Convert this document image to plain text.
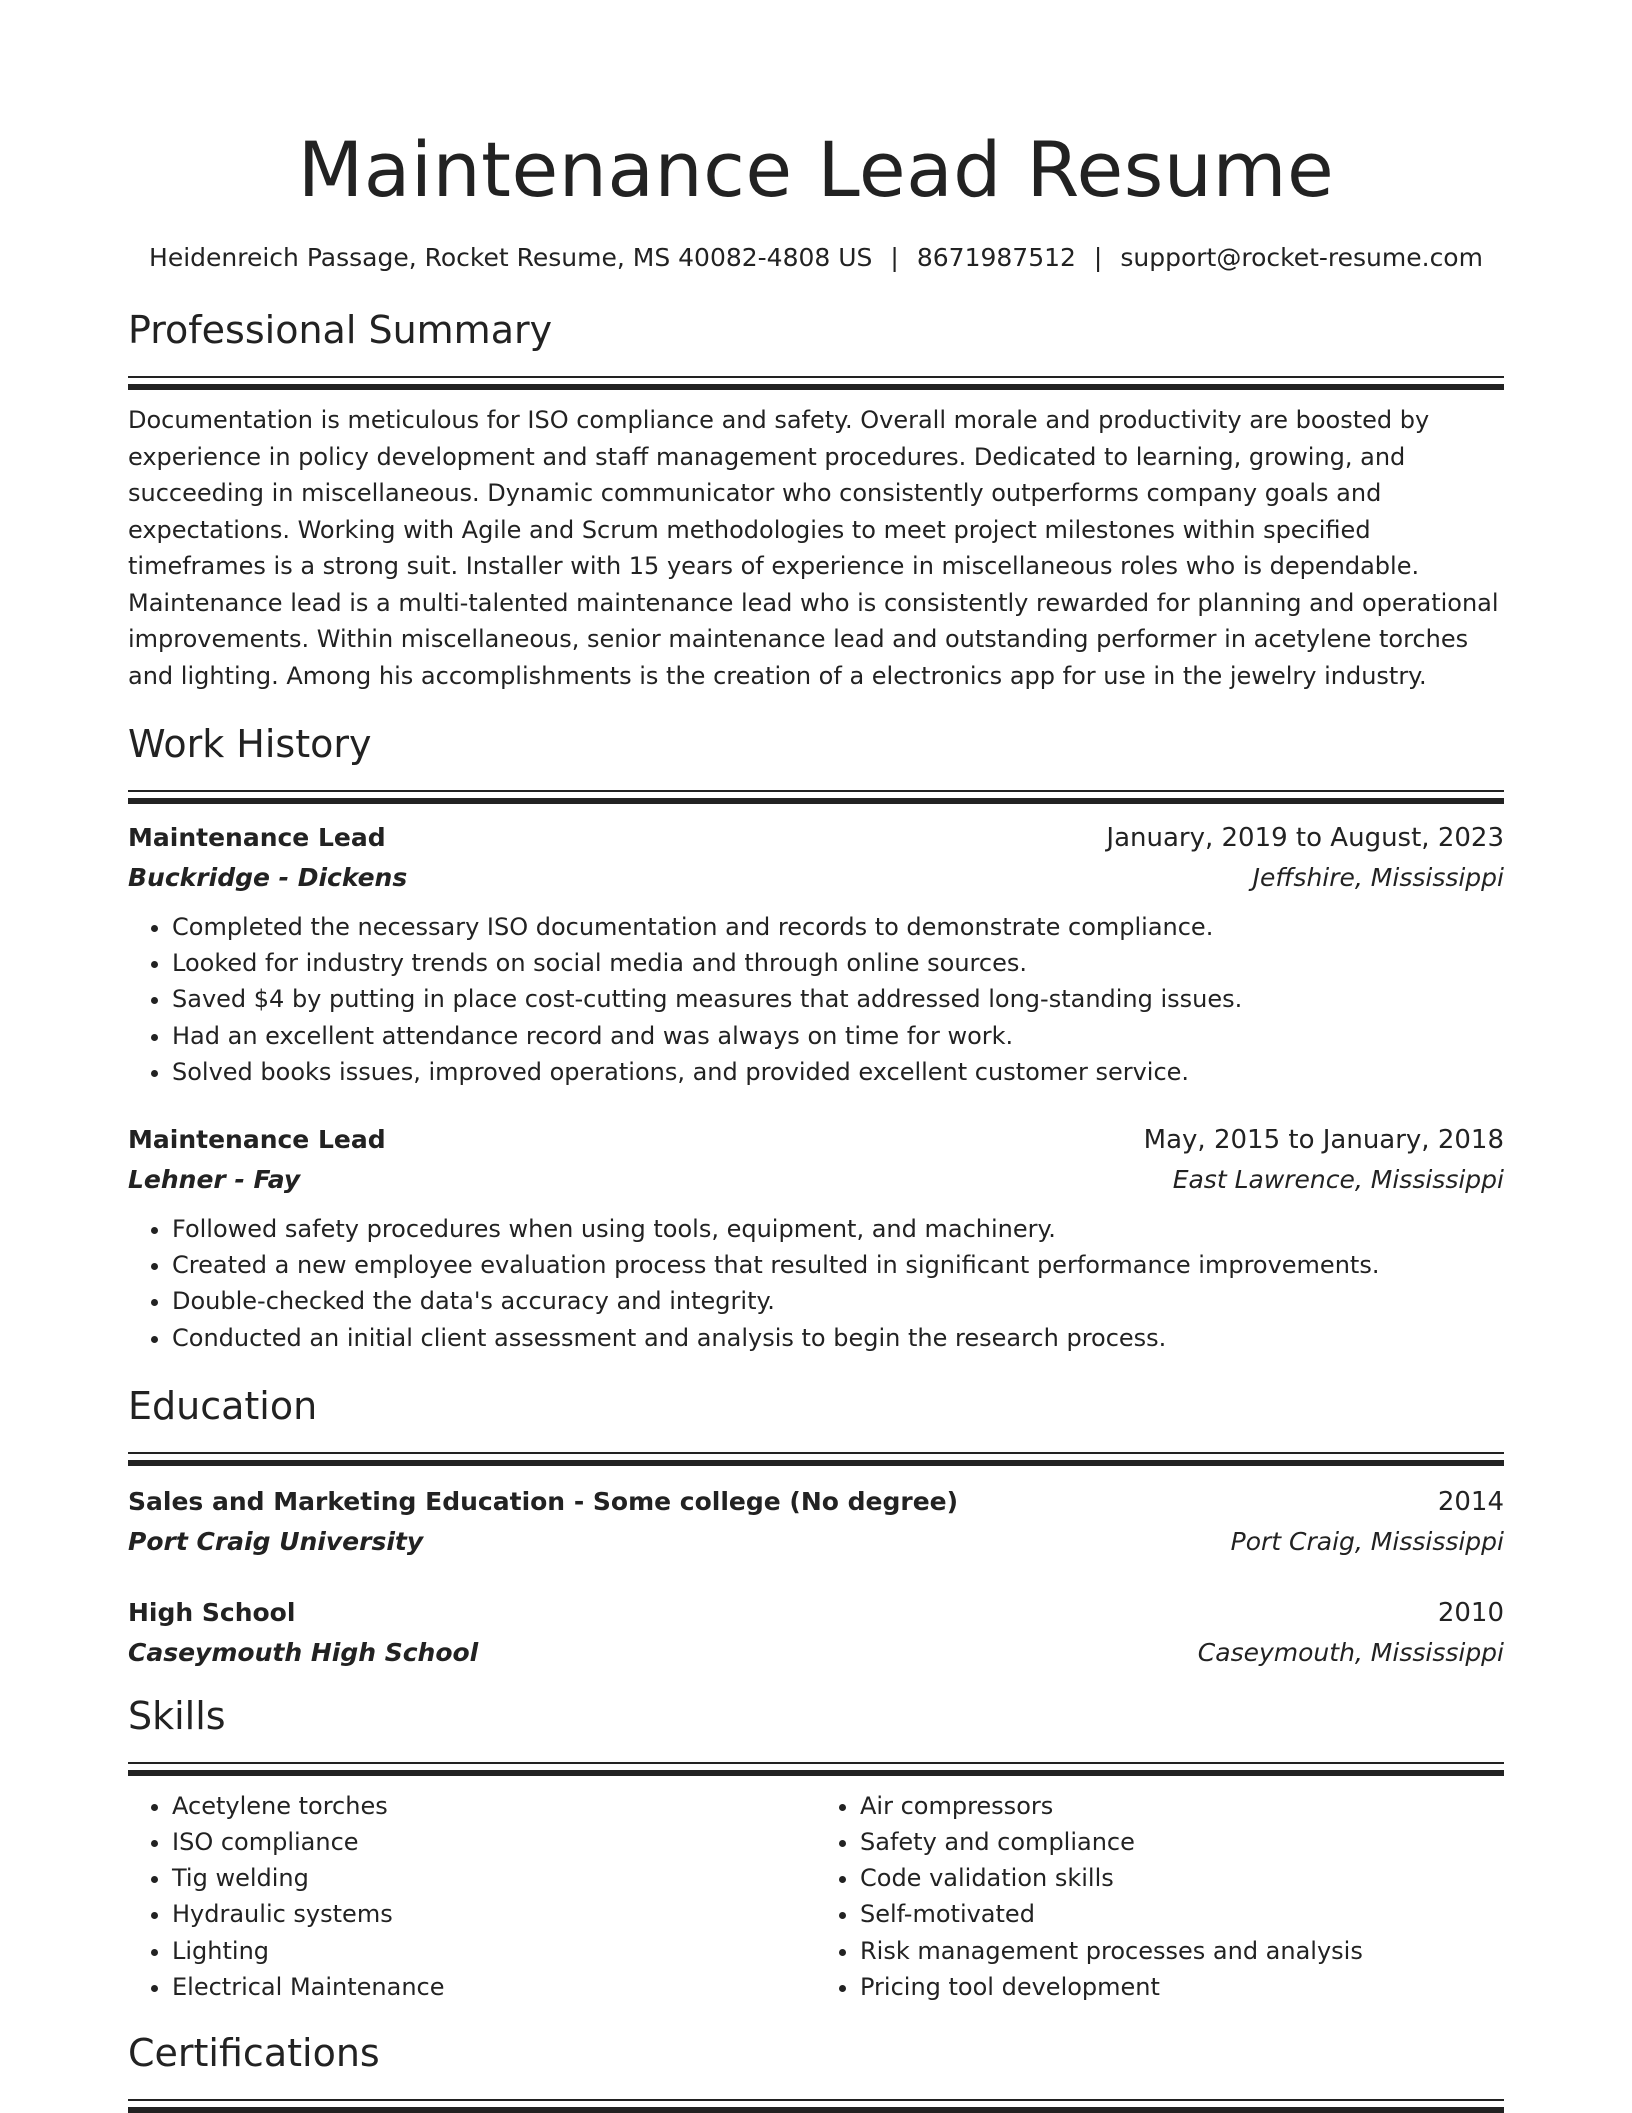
Maintenance Lead Resume
Heidenreich Passage, Rocket Resume, MS 40082-4808 US | 8671987512 | support@rocket-resume.com
Professional Summary

Documentation is meticulous for ISO compliance and safety. Overall morale and productivity are boosted by experience in policy development and staff management procedures. Dedicated to learning, growing, and succeeding in miscellaneous. Dynamic communicator who consistently outperforms company goals and expectations. Working with Agile and Scrum methodologies to meet project milestones within specified timeframes is a strong suit. Installer with 15 years of experience in miscellaneous roles who is dependable. Maintenance lead is a multi-talented maintenance lead who is consistently rewarded for planning and operational improvements. Within miscellaneous, senior maintenance lead and outstanding performer in acetylene torches and lighting. Among his accomplishments is the creation of a electronics app for use in the jewelry industry.

Work History
Maintenance Lead	January, 2019 to August, 2023
Buckridge - Dickens	Jeffshire, Mississippi
• Completed the necessary ISO documentation and records to demonstrate compliance.
• Looked for industry trends on social media and through online sources.
• Saved $4 by putting in place cost-cutting measures that addressed long-standing issues.
• Had an excellent attendance record and was always on time for work.
• Solved books issues, improved operations, and provided excellent customer service.
Maintenance Lead	May, 2015 to January, 2018
Lehner - Fay	East Lawrence, Mississippi
• Followed safety procedures when using tools, equipment, and machinery.
• Created a new employee evaluation process that resulted in significant performance improvements.
• Double-checked the data's accuracy and integrity.
• Conducted an initial client assessment and analysis to begin the research process.
Education
Sales and Marketing Education - Some college (No degree)	2014
Port Craig University	Port Craig, Mississippi
High School	2010
Caseymouth High School	Caseymouth, Mississippi
Skills
• Acetylene torches
• ISO compliance
• Tig welding
• Hydraulic systems
• Lighting
• Electrical Maintenance
• Air compressors
• Safety and compliance
• Code validation skills
• Self-motivated
• Risk management processes and analysis
• Pricing tool development
Certifications
